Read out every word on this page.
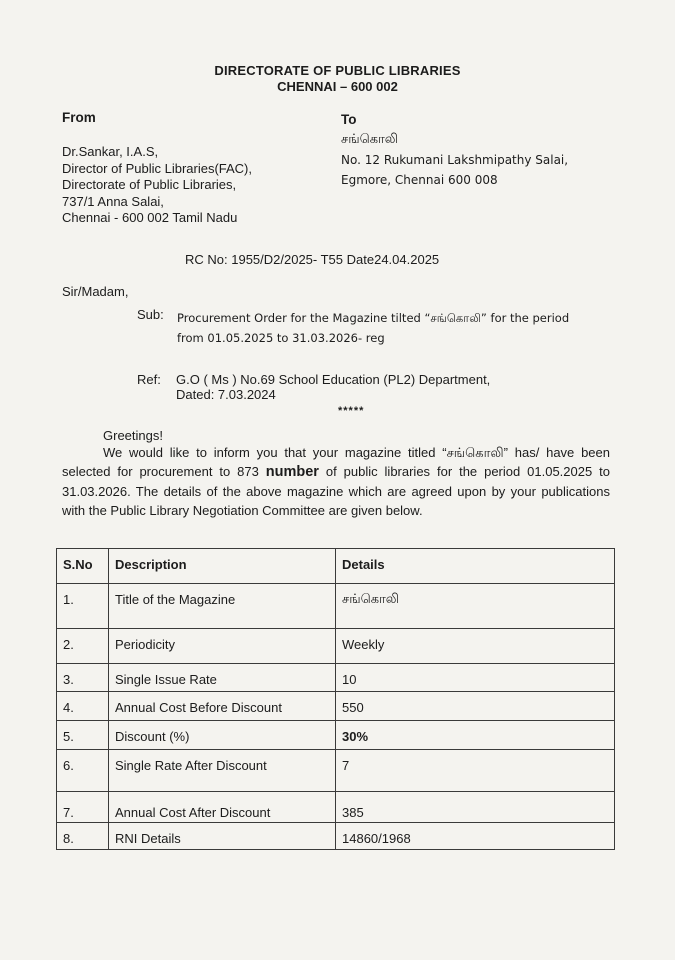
DIRECTORATE OF PUBLIC LIBRARIES
CHENNAI – 600 002
From
Dr.Sankar, I.A.S,
Director of Public Libraries(FAC),
Directorate of Public Libraries,
737/1 Anna Salai,
Chennai - 600 002 Tamil Nadu
To
சங்கொலி
No. 12 Rukumani Lakshmipathy Salai,
Egmore, Chennai 600 008
RC No: 1955/D2/2025- T55 Date24.04.2025
Sir/Madam,
Sub: Procurement Order for the Magazine tilted “சங்கொலி” for the period from 01.05.2025 to 31.03.2026- reg
Ref: G.O ( Ms ) No.69 School Education (PL2) Department,
Dated: 7.03.2024
*****
Greetings!
We would like to inform you that your magazine titled “சங்கொலி” has/ have been selected for procurement to 873 number of public libraries for the period 01.05.2025 to 31.03.2026. The details of the above magazine which are agreed upon by your publications with the Public Library Negotiation Committee are given below.
S.No	Description	Details
1.	Title of the Magazine	சங்கொலி
2.	Periodicity	Weekly
3.	Single Issue Rate	10
4.	Annual Cost Before Discount	550
5.	Discount (%)	30%
6.	Single Rate After Discount	7
7.	Annual Cost After Discount	385
8.	RNI Details	14860/1968
